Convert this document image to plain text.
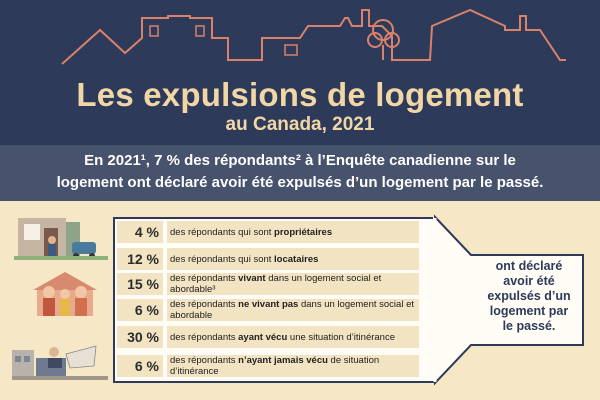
Les expulsions de logement
au Canada, 2021
En 2021¹, 7 % des répondants² à l’Enquête canadienne sur le
logement ont déclaré avoir été expulsés d’un logement par le passé.
4 %	des répondants qui sont propriétaires
12 %	des répondants qui sont locataires
15 %	des répondants vivant dans un logement social et abordable³
6 %	des répondants ne vivant pas dans un logement social et abordable
30 %	des répondants ayant vécu une situation d’itinérance
6 %	des répondants n’ayant jamais vécu de situation d’itinérance
ont déclaré
avoir été
expulsés d’un
logement par
le passé.
